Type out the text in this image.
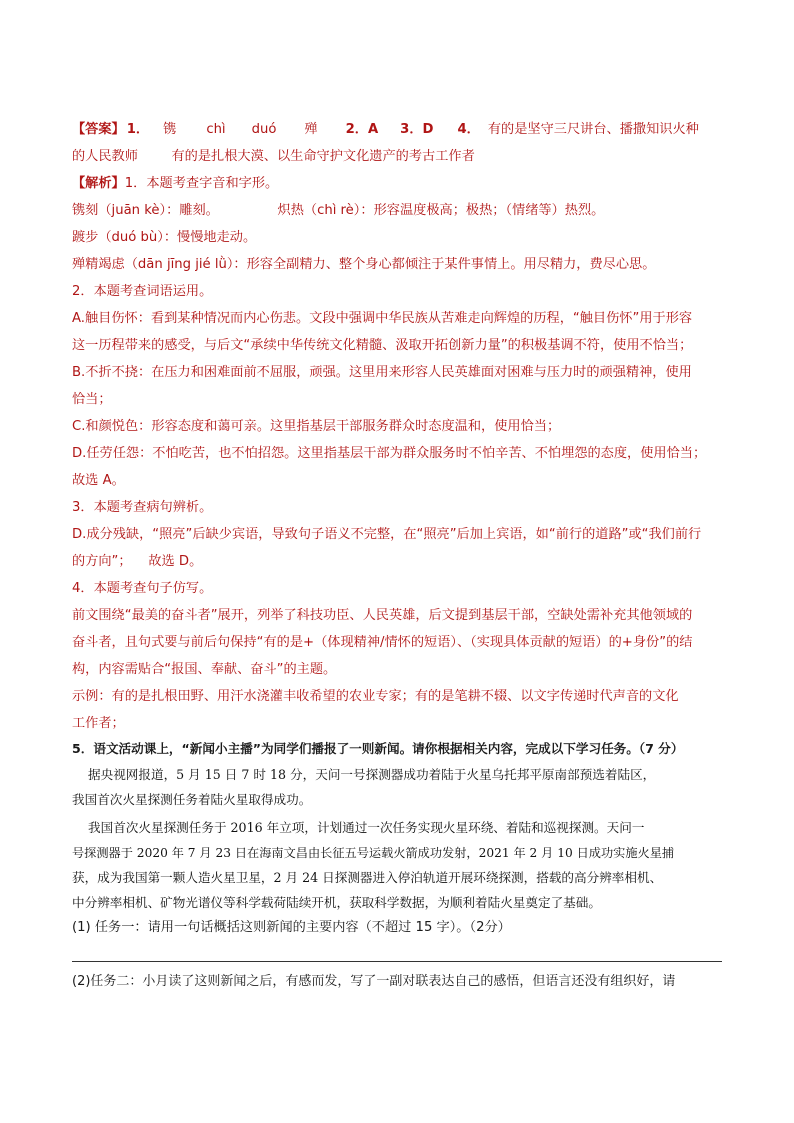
【答案】 1． 镌 chì duó 殚 2．A 3．D 4． 有的是坚守三尺讲台、播撒知识火种
的人民教师        有的是扎根大漠、以生命守护文化遗产的考古工作者
【解析】1．本题考查字音和字形。
镌刻（juān kè）：雕刻。              炽热（chì rè）：形容温度极高；极热；（情绪等）热烈。
踱步（duó bù）：慢慢地走动。
殚精竭虑（dān jīng jié lǜ）：形容全副精力、整个身心都倾注于某件事情上。用尽精力，费尽心思。
2．本题考查词语运用。
A.触目伤怀：看到某种情况而内心伤悲。文段中强调中华民族从苦难走向辉煌的历程，“触目伤怀”用于形容
这一历程带来的感受，与后文“承续中华传统文化精髓、汲取开拓创新力量”的积极基调不符，使用不恰当；
B.不折不挠：在压力和困难面前不屈服，顽强。这里用来形容人民英雄面对困难与压力时的顽强精神，使用
恰当；
C.和颜悦色：形容态度和蔼可亲。这里指基层干部服务群众时态度温和，使用恰当；
D.任劳任怨：不怕吃苦，也不怕招怨。这里指基层干部为群众服务时不怕辛苦、不怕埋怨的态度，使用恰当；
故选 A。
3．本题考查病句辨析。
D.成分残缺，“照亮”后缺少宾语，导致句子语义不完整，在“照亮”后加上宾语，如“前行的道路”或“我们前行
的方向”；    故选 D。
4．本题考查句子仿写。
前文围绕“最美的奋斗者”展开，列举了科技功臣、人民英雄，后文提到基层干部，空缺处需补充其他领域的
奋斗者，且句式要与前后句保持“有的是+（体现精神/情怀的短语）、（实现具体贡献的短语）的+身份”的结
构，内容需贴合“报国、奉献、奋斗”的主题。
示例：有的是扎根田野、用汗水浇灌丰收希望的农业专家；有的是笔耕不辍、以文字传递时代声音的文化
工作者；
5．语文活动课上，“新闻小主播”为同学们播报了一则新闻。请你根据相关内容，完成以下学习任务。（7 分）
据央视网报道，5 月 15 日 7 时 18 分，天问一号探测器成功着陆于火星乌托邦平原南部预选着陆区，
我国首次火星探测任务着陆火星取得成功。
我国首次火星探测任务于 2016 年立项，计划通过一次任务实现火星环绕、着陆和巡视探测。天问一
号探测器于 2020 年 7 月 23 日在海南文昌由长征五号运载火箭成功发射，2021 年 2 月 10 日成功实施火星捕
获，成为我国第一颗人造火星卫星，2 月 24 日探测器进入停泊轨道开展环绕探测，搭载的高分辨率相机、
中分辨率相机、矿物光谱仪等科学载荷陆续开机，获取科学数据，为顺利着陆火星奠定了基础。
(1) 任务一：请用一句话概括这则新闻的主要内容（不超过 15 字）。（2分）
(2)任务二：小月读了这则新闻之后，有感而发，写了一副对联表达自己的感悟，但语言还没有组织好，请
